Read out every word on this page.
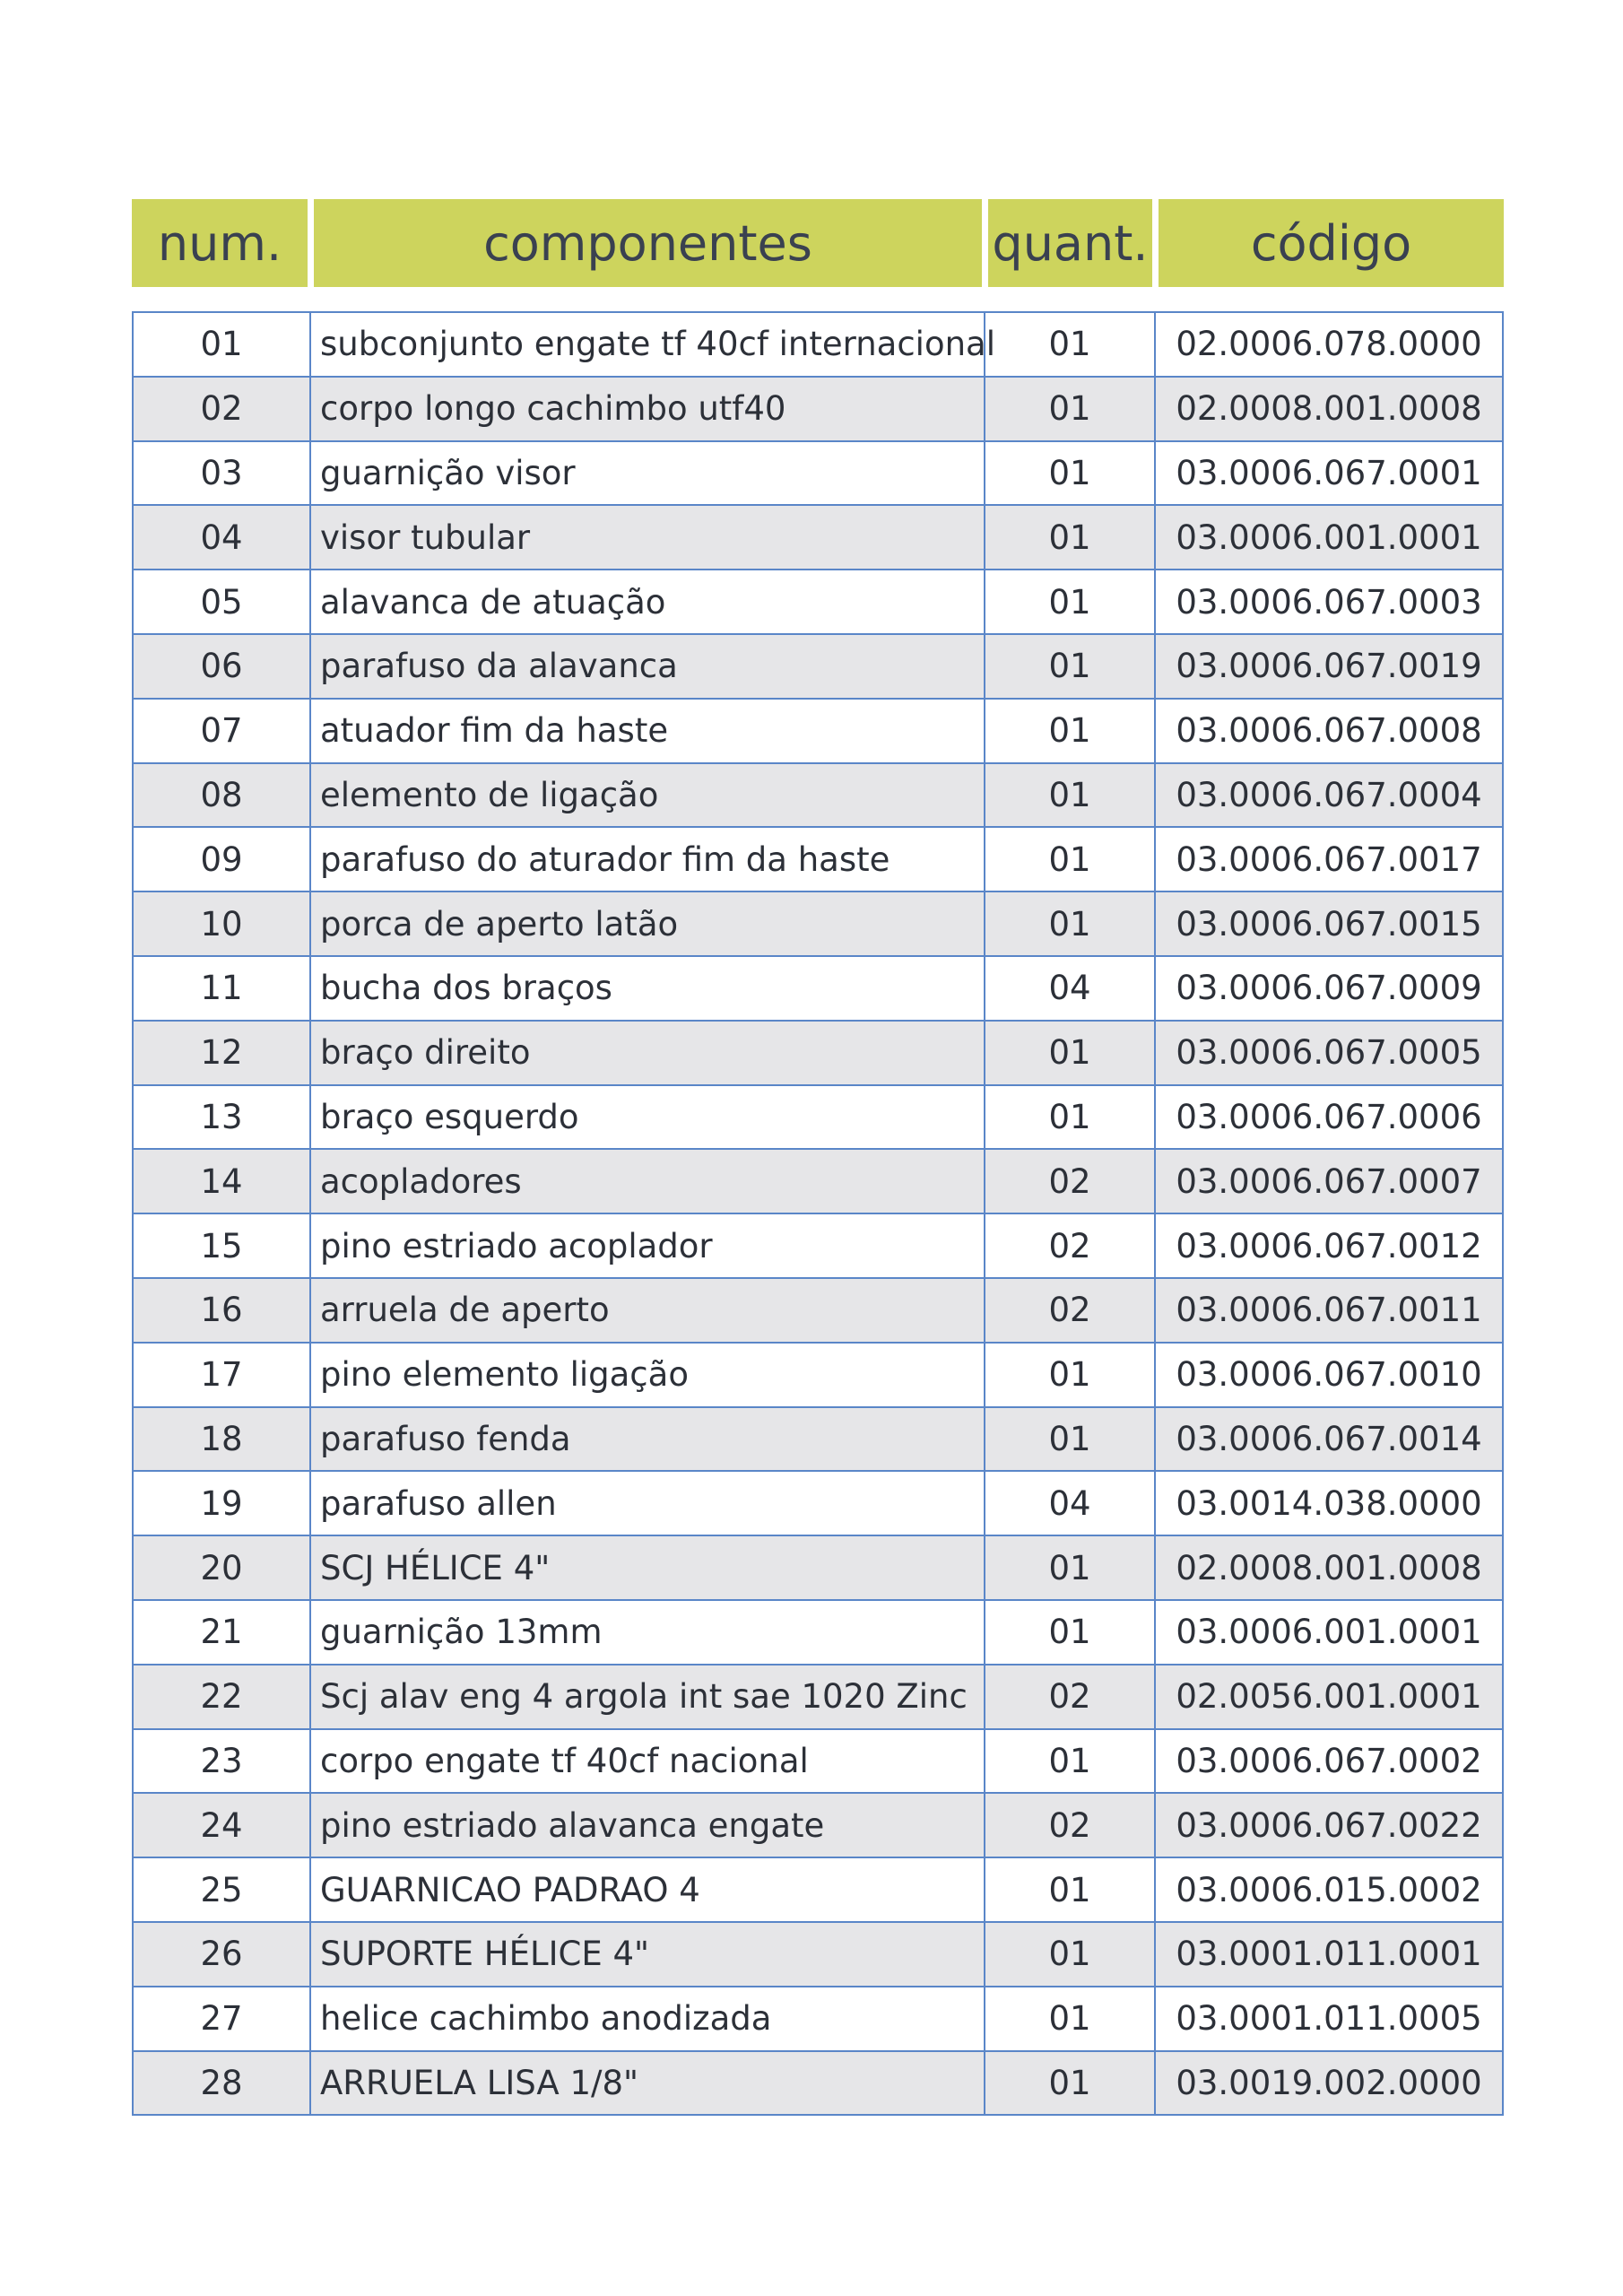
num.	componentes	quant.	código
01	subconjunto engate tf 40cf internacional	01	02.0006.078.0000
02	corpo longo cachimbo utf40	01	02.0008.001.0008
03	guarnição visor	01	03.0006.067.0001
04	visor tubular	01	03.0006.001.0001
05	alavanca de atuação	01	03.0006.067.0003
06	parafuso da alavanca	01	03.0006.067.0019
07	atuador fim da haste	01	03.0006.067.0008
08	elemento de ligação	01	03.0006.067.0004
09	parafuso do aturador fim da haste	01	03.0006.067.0017
10	porca de aperto latão	01	03.0006.067.0015
11	bucha dos braços	04	03.0006.067.0009
12	braço direito	01	03.0006.067.0005
13	braço esquerdo	01	03.0006.067.0006
14	acopladores	02	03.0006.067.0007
15	pino estriado acoplador	02	03.0006.067.0012
16	arruela de aperto	02	03.0006.067.0011
17	pino elemento ligação	01	03.0006.067.0010
18	parafuso fenda	01	03.0006.067.0014
19	parafuso allen	04	03.0014.038.0000
20	SCJ HÉLICE 4"	01	02.0008.001.0008
21	guarnição 13mm	01	03.0006.001.0001
22	Scj alav eng 4 argola int sae 1020 Zinc	02	02.0056.001.0001
23	corpo engate tf 40cf nacional	01	03.0006.067.0002
24	pino estriado alavanca engate	02	03.0006.067.0022
25	GUARNICAO PADRAO 4	01	03.0006.015.0002
26	SUPORTE HÉLICE 4"	01	03.0001.011.0001
27	helice cachimbo anodizada	01	03.0001.011.0005
28	ARRUELA LISA 1/8"	01	03.0019.002.0000
